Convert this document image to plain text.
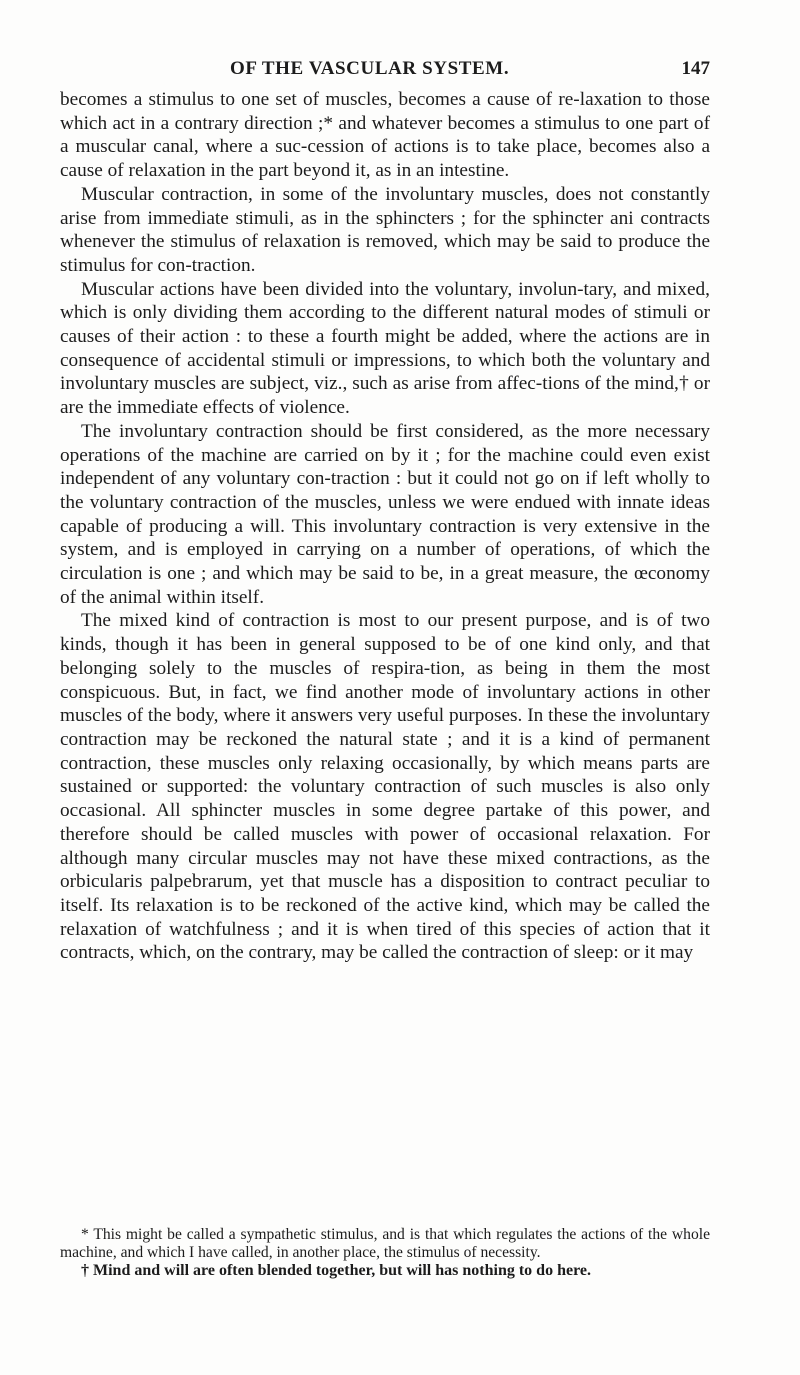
OF THE VASCULAR SYSTEM.	147

becomes a stimulus to one set of muscles, becomes a cause of re-laxation to those which act in a contrary direction ;* and whatever becomes a stimulus to one part of a muscular canal, where a suc-cession of actions is to take place, becomes also a cause of relaxation in the part beyond it, as in an intestine.

Muscular contraction, in some of the involuntary muscles, does not constantly arise from immediate stimuli, as in the sphincters ; for the sphincter ani contracts whenever the stimulus of relaxation is removed, which may be said to produce the stimulus for con-traction.

Muscular actions have been divided into the voluntary, involun-tary, and mixed, which is only dividing them according to the different natural modes of stimuli or causes of their action : to these a fourth might be added, where the actions are in consequence of accidental stimuli or impressions, to which both the voluntary and involuntary muscles are subject, viz., such as arise from affec-tions of the mind,† or are the immediate effects of violence.

The involuntary contraction should be first considered, as the more necessary operations of the machine are carried on by it ; for the machine could even exist independent of any voluntary con-traction : but it could not go on if left wholly to the voluntary contraction of the muscles, unless we were endued with innate ideas capable of producing a will. This involuntary contraction is very extensive in the system, and is employed in carrying on a number of operations, of which the circulation is one ; and which may be said to be, in a great measure, the œconomy of the animal within itself.

The mixed kind of contraction is most to our present purpose, and is of two kinds, though it has been in general supposed to be of one kind only, and that belonging solely to the muscles of respira-tion, as being in them the most conspicuous. But, in fact, we find another mode of involuntary actions in other muscles of the body, where it answers very useful purposes. In these the involuntary contraction may be reckoned the natural state ; and it is a kind of permanent contraction, these muscles only relaxing occasionally, by which means parts are sustained or supported: the voluntary contraction of such muscles is also only occasional. All sphincter muscles in some degree partake of this power, and therefore should be called muscles with power of occasional relaxation. For although many circular muscles may not have these mixed contractions, as the orbicularis palpebrarum, yet that muscle has a disposition to contract peculiar to itself. Its relaxation is to be reckoned of the active kind, which may be called the relaxation of watchfulness ; and it is when tired of this species of action that it contracts, which, on the contrary, may be called the contraction of sleep: or it may

* This might be called a sympathetic stimulus, and is that which regulates the actions of the whole machine, and which I have called, in another place, the stimulus of necessity.

† Mind and will are often blended together, but will has nothing to do here.
